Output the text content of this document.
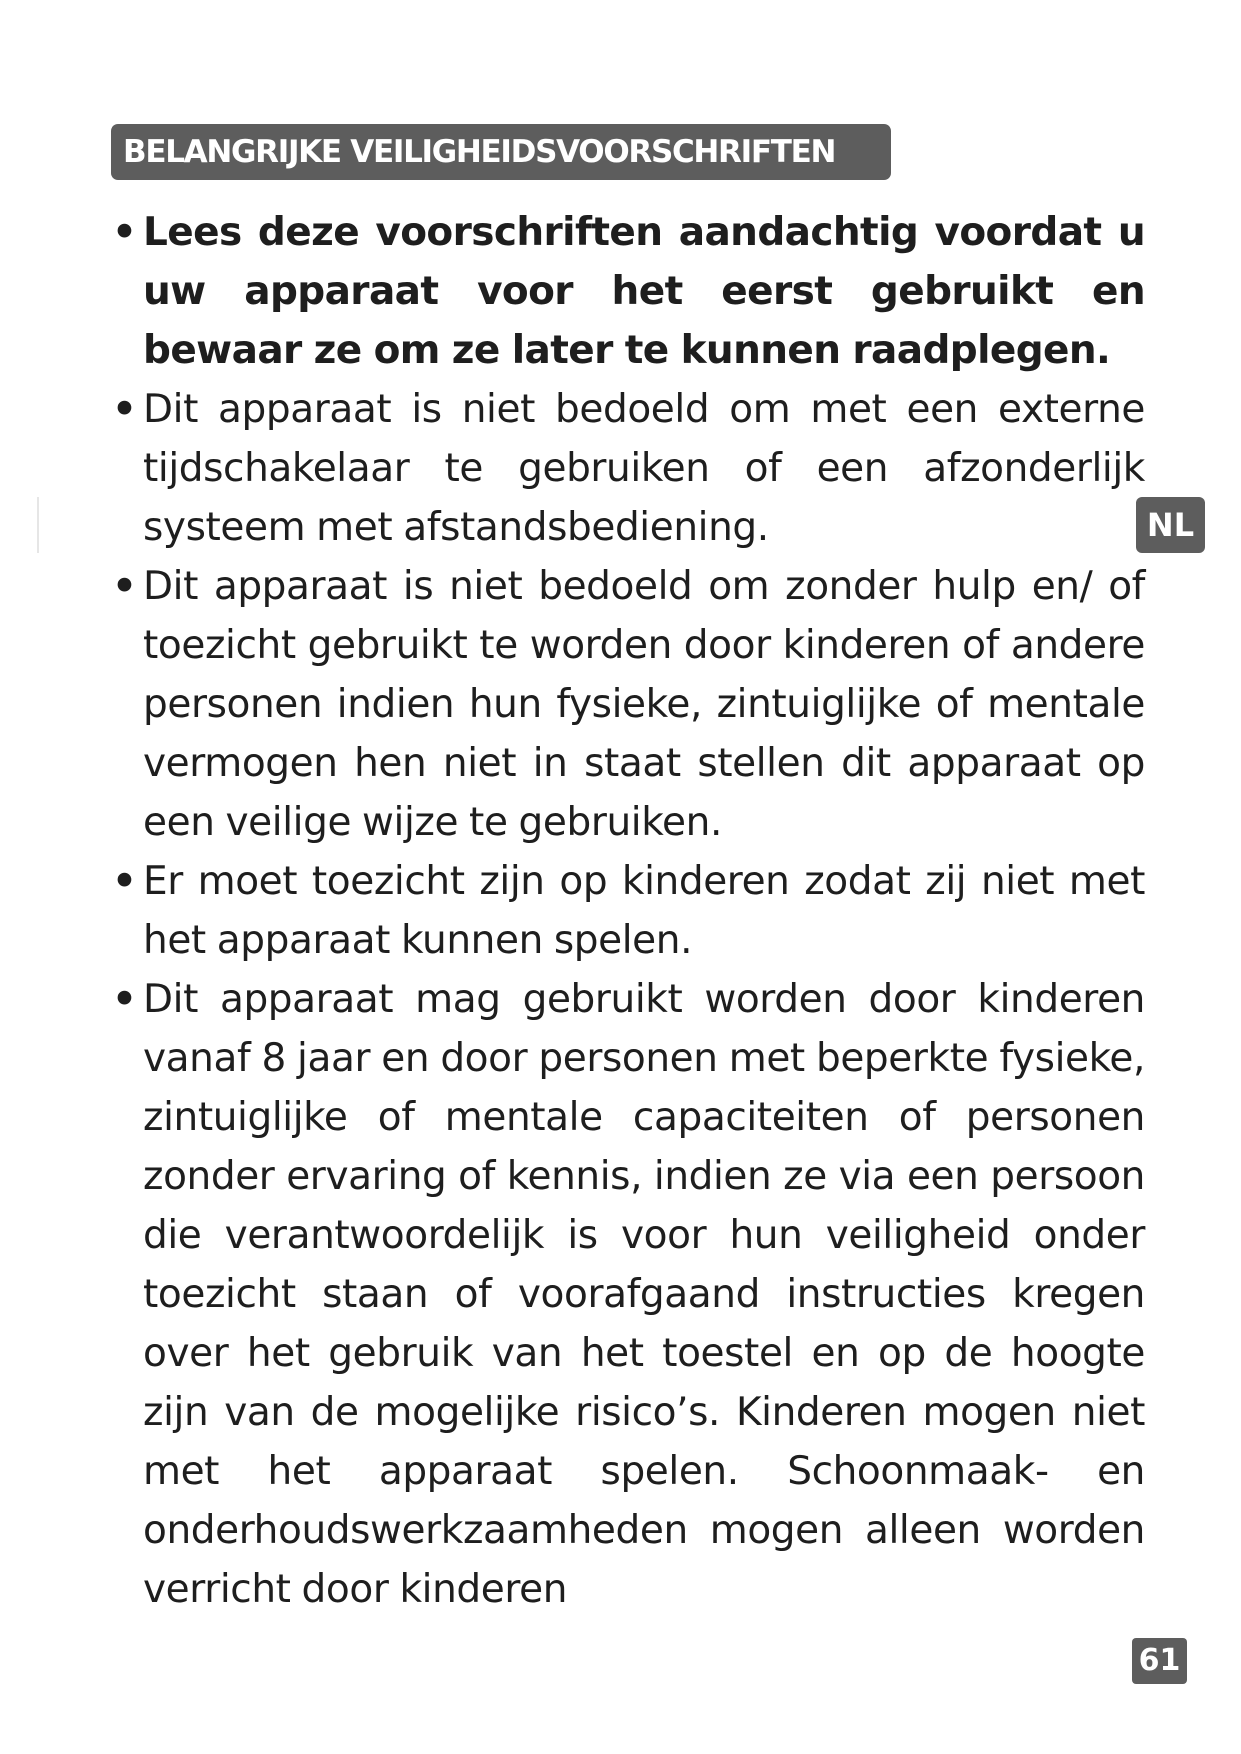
BELANGRIJKE VEILIGHEIDSVOORSCHRIFTEN
• Lees deze voorschriften aandachtig voordat u uw apparaat voor het eerst gebruikt en bewaar ze om ze later te kunnen raadplegen.
• Dit apparaat is niet bedoeld om met een externe tijdschakelaar te gebruiken of een afzonderlijk systeem met afstandsbediening.
• Dit apparaat is niet bedoeld om zonder hulp en/ of toezicht gebruikt te worden door kinderen of andere personen indien hun fysieke, zintuiglijke of mentale vermogen hen niet in staat stellen dit apparaat op een veilige wijze te gebruiken.
• Er moet toezicht zijn op kinderen zodat zij niet met het apparaat kunnen spelen.
• Dit apparaat mag gebruikt worden door kinderen vanaf 8 jaar en door personen met beperkte fysieke, zintuiglijke of mentale capaciteiten of personen zonder ervaring of kennis, indien ze via een persoon die verantwoordelijk is voor hun veiligheid onder toezicht staan of voorafgaand instructies kregen over het gebruik van het toestel en op de hoogte zijn van de mogelijke risico’s. Kinderen mogen niet met het apparaat spelen. Schoonmaak- en onderhoudswerkzaamheden mogen alleen worden verricht door kinderen
NL
61
